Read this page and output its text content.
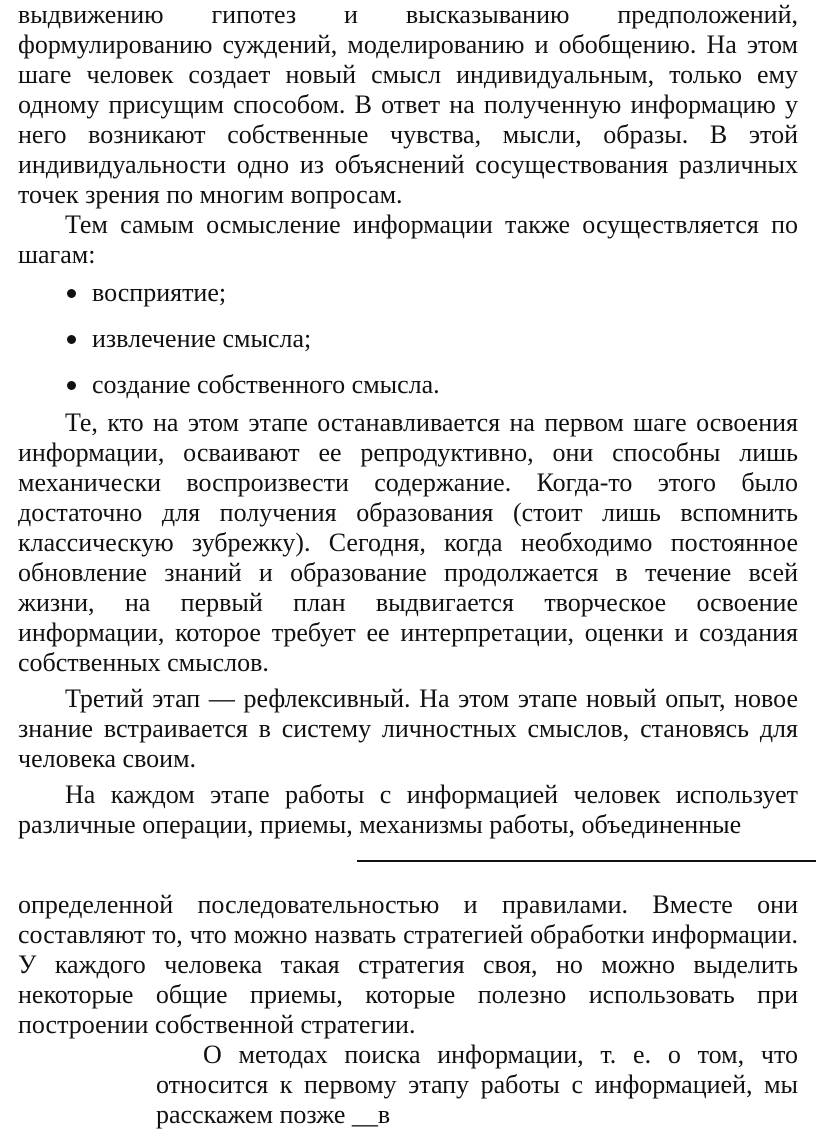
выдвижению гипотез и высказыванию предположений, формулированию суждений, моделированию и обобщению. На этом шаге человек создает новый смысл индивидуальным, только ему одному присущим способом. В ответ на полученную информацию у него возникают собственные чувства, мысли, образы. В этой индивидуальности одно из объяснений сосуществования различных точек зрения по многим вопросам.

Тем самым осмысление информации также осуществляется по шагам:

восприятие;
извлечение смысла;
создание собственного смысла.

Те, кто на этом этапе останавливается на первом шаге освоения информации, осваивают ее репродуктивно, они способны лишь механически воспроизвести содержание. Когда-то этого было достаточно для получения образования (стоит лишь вспомнить классическую зубрежку). Сегодня, когда необходимо постоянное обновление знаний и образование продолжается в течение всей жизни, на первый план выдвигается творческое освоение информации, которое требует ее интерпретации, оценки и создания собственных смыслов.

Третий этап — рефлексивный. На этом этапе новый опыт, новое знание встраивается в систему личностных смыслов, становясь для человека своим.

На каждом этапе работы с информацией человек использует различные операции, приемы, механизмы работы, объединенные

определенной последовательностью и правилами. Вместе они составляют то, что можно назвать стратегией обработки информации. У каждого человека такая стратегия своя, но можно выделить некоторые общие приемы, которые полезно использовать при построении собственной стратегии.

О методах поиска информации, т. е. о том, что относится к первому этапу работы с информацией, мы расскажем позже __в
